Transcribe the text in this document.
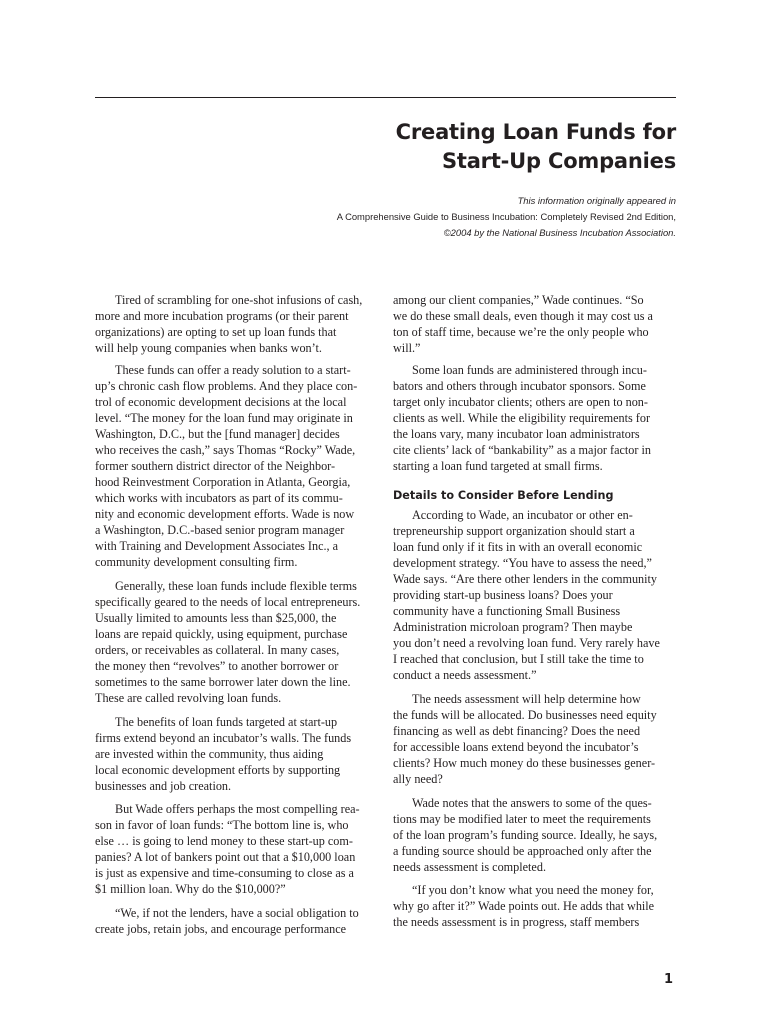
Creating Loan Funds for
Start-Up Companies
This information originally appeared in
A Comprehensive Guide to Business Incubation: Completely Revised 2nd Edition,
©2004 by the National Business Incubation Association.
Tired of scrambling for one-shot infusions of cash,
more and more incubation programs (or their parent
organizations) are opting to set up loan funds that
will help young companies when banks won’t.
These funds can offer a ready solution to a start-
up’s chronic cash flow problems. And they place con-
trol of economic development decisions at the local
level. “The money for the loan fund may originate in
Washington, D.C., but the [fund manager] decides
who receives the cash,” says Thomas “Rocky” Wade,
former southern district director of the Neighbor-
hood Reinvestment Corporation in Atlanta, Georgia,
which works with incubators as part of its commu-
nity and economic development efforts. Wade is now
a Washington, D.C.-based senior program manager
with Training and Development Associates Inc., a
community development consulting firm.
Generally, these loan funds include flexible terms
specifically geared to the needs of local entrepreneurs.
Usually limited to amounts less than $25,000, the
loans are repaid quickly, using equipment, purchase
orders, or receivables as collateral. In many cases,
the money then “revolves” to another borrower or
sometimes to the same borrower later down the line.
These are called revolving loan funds.
The benefits of loan funds targeted at start-up
firms extend beyond an incubator’s walls. The funds
are invested within the community, thus aiding
local economic development efforts by supporting
businesses and job creation.
But Wade offers perhaps the most compelling rea-
son in favor of loan funds: “The bottom line is, who
else … is going to lend money to these start-up com-
panies? A lot of bankers point out that a $10,000 loan
is just as expensive and time-consuming to close as a
$1 million loan. Why do the $10,000?”
“We, if not the lenders, have a social obligation to
create jobs, retain jobs, and encourage performance
among our client companies,” Wade continues. “So
we do these small deals, even though it may cost us a
ton of staff time, because we’re the only people who
will.”
Some loan funds are administered through incu-
bators and others through incubator sponsors. Some
target only incubator clients; others are open to non-
clients as well. While the eligibility requirements for
the loans vary, many incubator loan administrators
cite clients’ lack of “bankability” as a major factor in
starting a loan fund targeted at small firms.
Details to Consider Before Lending
According to Wade, an incubator or other en-
trepreneurship support organization should start a
loan fund only if it fits in with an overall economic
development strategy. “You have to assess the need,”
Wade says. “Are there other lenders in the community
providing start-up business loans? Does your
community have a functioning Small Business
Administration microloan program? Then maybe
you don’t need a revolving loan fund. Very rarely have
I reached that conclusion, but I still take the time to
conduct a needs assessment.”
The needs assessment will help determine how
the funds will be allocated. Do businesses need equity
financing as well as debt financing? Does the need
for accessible loans extend beyond the incubator’s
clients? How much money do these businesses gener-
ally need?
Wade notes that the answers to some of the ques-
tions may be modified later to meet the requirements
of the loan program’s funding source. Ideally, he says,
a funding source should be approached only after the
needs assessment is completed.
“If you don’t know what you need the money for,
why go after it?” Wade points out. He adds that while
the needs assessment is in progress, staff members
1
